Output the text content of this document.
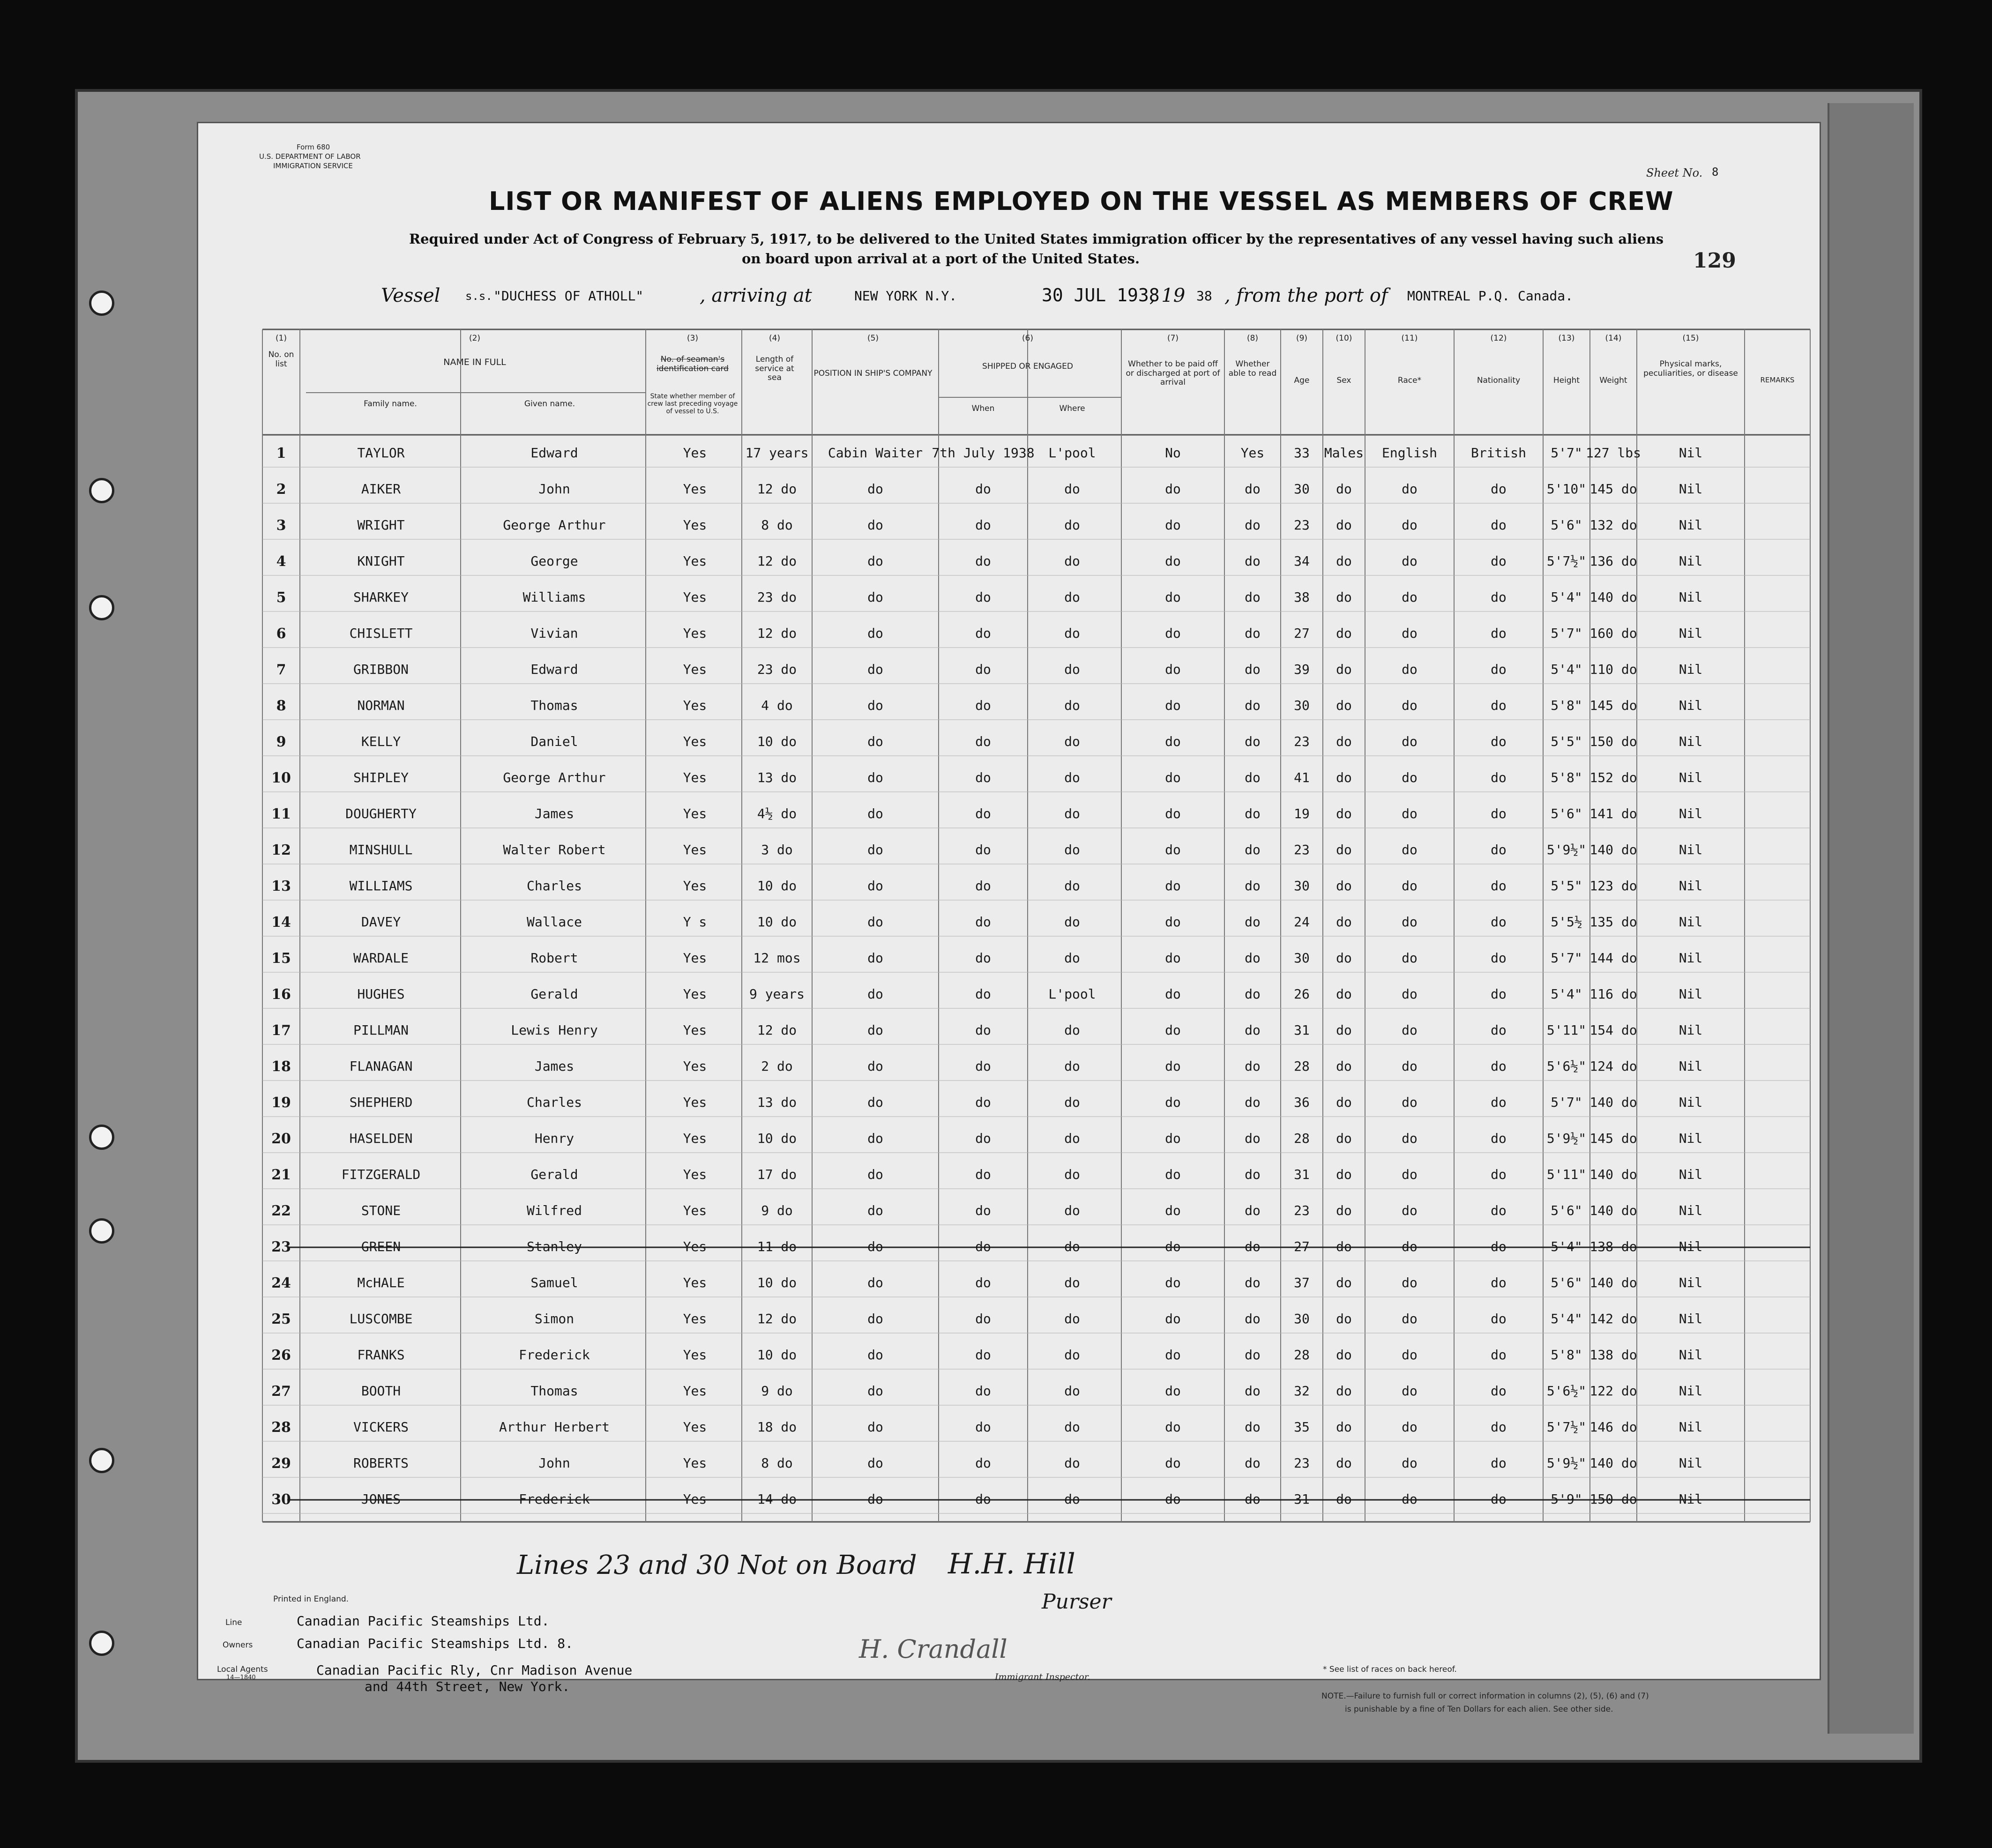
Form 680
U.S. DEPARTMENT OF LABOR
IMMIGRATION SERVICE
Sheet No. 8
129
LIST OR MANIFEST OF ALIENS EMPLOYED ON THE VESSEL AS MEMBERS OF CREW
Required under Act of Congress of February 5, 1917, to be delivered to the United States immigration officer by the representatives of any vessel having such aliens
on board upon arrival at a port of the United States.
Vessel s.s. "DUCHESS OF ATHOLL"	, arriving at	NEW YORK N.Y.	30 JUL 1938
, 19 38 , from the port of MONTREAL P.Q. Canada.
(1)
No. on list
(2)
NAME IN FULL
Family name.	Given name.
(3)
No. of seaman's identification card
State whether member of crew last preceding voyage of vessel to U.S.
(4)
Length of service at sea
(5)
POSITION IN SHIP'S COMPANY
(6)
SHIPPED OR ENGAGED
When	Where
(7)
Whether to be paid off or discharged at port of arrival
(8)
Whether able to read
(9)
Age
(10)
Sex
(11)
Race*
(12)
Nationality
(13)
Height
(14)
Weight
(15)
Physical marks, peculiarities, or disease
REMARKS
1	TAYLOR	Edward	Yes	17 years	Cabin Waiter 7th July 1938	L'pool	No	Yes	33	Males	English	British	5'7" 127 lbs	Nil
2	AIKER	John	Yes	12 do	do	do	do	do	do	30	do	do	do	5'10" 145 do	Nil
3	WRIGHT	George Arthur	Yes	8 do	do	do	do	do	do	23	do	do	do	5'6" 132 do	Nil
4	KNIGHT	George	Yes	12 do	do	do	do	do	do	34	do	do	do	5'7½" 136 do	Nil
5	SHARKEY	Williams	Yes	23 do	do	do	do	do	do	38	do	do	do	5'4" 140 do	Nil
6	CHISLETT	Vivian	Yes	12 do	do	do	do	do	do	27	do	do	do	5'7" 160 do	Nil
7	GRIBBON	Edward	Yes	23 do	do	do	do	do	do	39	do	do	do	5'4" 110 do	Nil
8	NORMAN	Thomas	Yes	4 do	do	do	do	do	do	30	do	do	do	5'8" 145 do	Nil
9	KELLY	Daniel	Yes	10 do	do	do	do	do	do	23	do	do	do	5'5" 150 do	Nil
10	SHIPLEY	George Arthur	Yes	13 do	do	do	do	do	do	41	do	do	do	5'8" 152 do	Nil
11	DOUGHERTY	James	Yes	4½ do	do	do	do	do	do	19	do	do	do	5'6" 141 do	Nil
12	MINSHULL	Walter Robert	Yes	3 do	do	do	do	do	do	23	do	do	do	5'9½" 140 do	Nil
13	WILLIAMS	Charles	Yes	10 do	do	do	do	do	do	30	do	do	do	5'5" 123 do	Nil
14	DAVEY	Wallace	Y s	10 do	do	do	do	do	do	24	do	do	do	5'5½ 135 do	Nil
15	WARDALE	Robert	Yes	12 mos	do	do	do	do	do	30	do	do	do	5'7" 144 do	Nil
16	HUGHES	Gerald	Yes	9 years	do	do	L'pool	do	do	26	do	do	do	5'4" 116 do	Nil
17	PILLMAN	Lewis Henry	Yes	12 do	do	do	do	do	do	31	do	do	do	5'11" 154 do	Nil
18	FLANAGAN	James	Yes	2 do	do	do	do	do	do	28	do	do	do	5'6½" 124 do	Nil
19	SHEPHERD	Charles	Yes	13 do	do	do	do	do	do	36	do	do	do	5'7" 140 do	Nil
20	HASELDEN	Henry	Yes	10 do	do	do	do	do	do	28	do	do	do	5'9½" 145 do	Nil
21	FITZGERALD	Gerald	Yes	17 do	do	do	do	do	do	31	do	do	do	5'11" 140 do	Nil
22	STONE	Wilfred	Yes	9 do	do	do	do	do	do	23	do	do	do	5'6" 140 do	Nil
23	GREEN	Stanley	Yes	11 do	do	do	do	do	do	27	do	do	do	5'4" 138 do	Nil
24	McHALE	Samuel	Yes	10 do	do	do	do	do	do	37	do	do	do	5'6" 140 do	Nil
25	LUSCOMBE	Simon	Yes	12 do	do	do	do	do	do	30	do	do	do	5'4" 142 do	Nil
26	FRANKS	Frederick	Yes	10 do	do	do	do	do	do	28	do	do	do	5'8" 138 do	Nil
27	BOOTH	Thomas	Yes	9 do	do	do	do	do	do	32	do	do	do	5'6½" 122 do	Nil
28	VICKERS	Arthur Herbert	Yes	18 do	do	do	do	do	do	35	do	do	do	5'7½" 146 do	Nil
29	ROBERTS	John	Yes	8 do	do	do	do	do	do	23	do	do	do	5'9½" 140 do	Nil
30	JONES	Frederick	Yes	14 do	do	do	do	do	do	31	do	do	do	5'9" 150 do	Nil
Lines 23 and 30 Not on Board H.H. Hill
Purser
H. Crandall
Immigrant Inspector.
Printed in England.
Line	Canadian Pacific Steamships Ltd.
Owners	Canadian Pacific Steamships Ltd. 8.
Local Agents
14—1840	Canadian Pacific Rly, Cnr Madison Avenue
and 44th Street, New York.
* See list of races on back hereof.
NOTE.—Failure to furnish full or correct information in columns (2), (5), (6) and (7)
is punishable by a fine of Ten Dollars for each alien. See other side.
